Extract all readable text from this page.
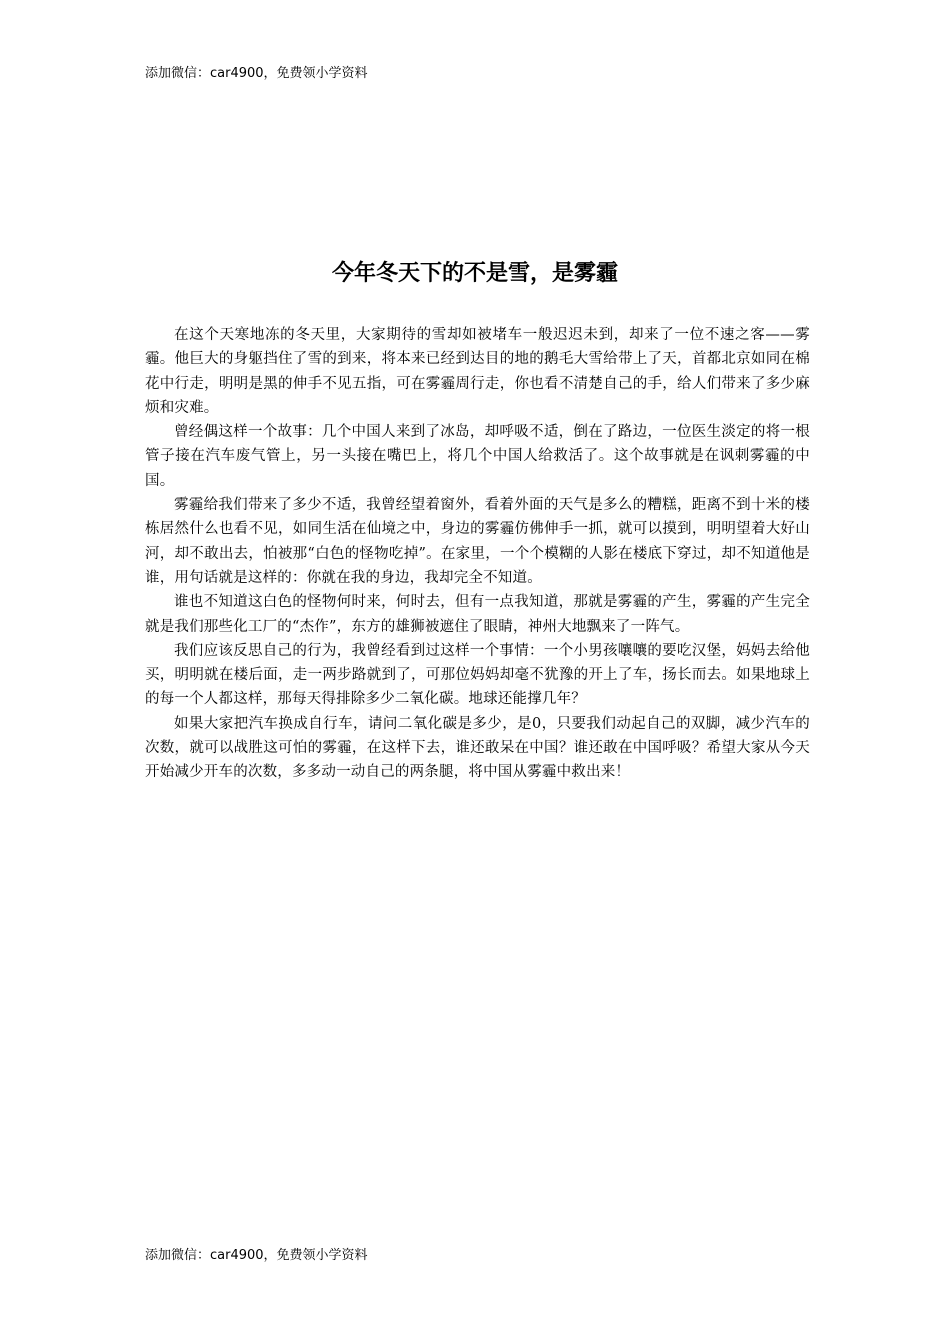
添加微信：car4900，免费领小学资料
今年冬天下的不是雪，是雾霾

在这个天寒地冻的冬天里，大家期待的雪却如被堵车一般迟迟未到，却来了一位不速之客——雾霾。他巨大的身躯挡住了雪的到来，将本来已经到达目的地的鹅毛大雪给带上了天，首都北京如同在棉花中行走，明明是黑的伸手不见五指，可在雾霾周行走，你也看不清楚自己的手，给人们带来了多少麻烦和灾难。

曾经偶这样一个故事：几个中国人来到了冰岛，却呼吸不适，倒在了路边，一位医生淡定的将一根管子接在汽车废气管上，另一头接在嘴巴上，将几个中国人给救活了。这个故事就是在讽刺雾霾的中国。

雾霾给我们带来了多少不适，我曾经望着窗外，看着外面的天气是多么的糟糕，距离不到十米的楼栋居然什么也看不见，如同生活在仙境之中，身边的雾霾仿佛伸手一抓，就可以摸到，明明望着大好山河，却不敢出去，怕被那“白色的怪物吃掉”。在家里，一个个模糊的人影在楼底下穿过，却不知道他是谁，用句话就是这样的：你就在我的身边，我却完全不知道。

谁也不知道这白色的怪物何时来，何时去，但有一点我知道，那就是雾霾的产生，雾霾的产生完全就是我们那些化工厂的“杰作”，东方的雄狮被遮住了眼睛，神州大地飘来了一阵气。

我们应该反思自己的行为，我曾经看到过这样一个事情：一个小男孩嚷嚷的要吃汉堡，妈妈去给他买，明明就在楼后面，走一两步路就到了，可那位妈妈却毫不犹豫的开上了车，扬长而去。如果地球上的每一个人都这样，那每天得排除多少二氧化碳。地球还能撑几年？

如果大家把汽车换成自行车，请问二氧化碳是多少，是0，只要我们动起自己的双脚，减少汽车的次数，就可以战胜这可怕的雾霾，在这样下去，谁还敢呆在中国？谁还敢在中国呼吸？希望大家从今天开始减少开车的次数，多多动一动自己的两条腿，将中国从雾霾中救出来！

添加微信：car4900，免费领小学资料
